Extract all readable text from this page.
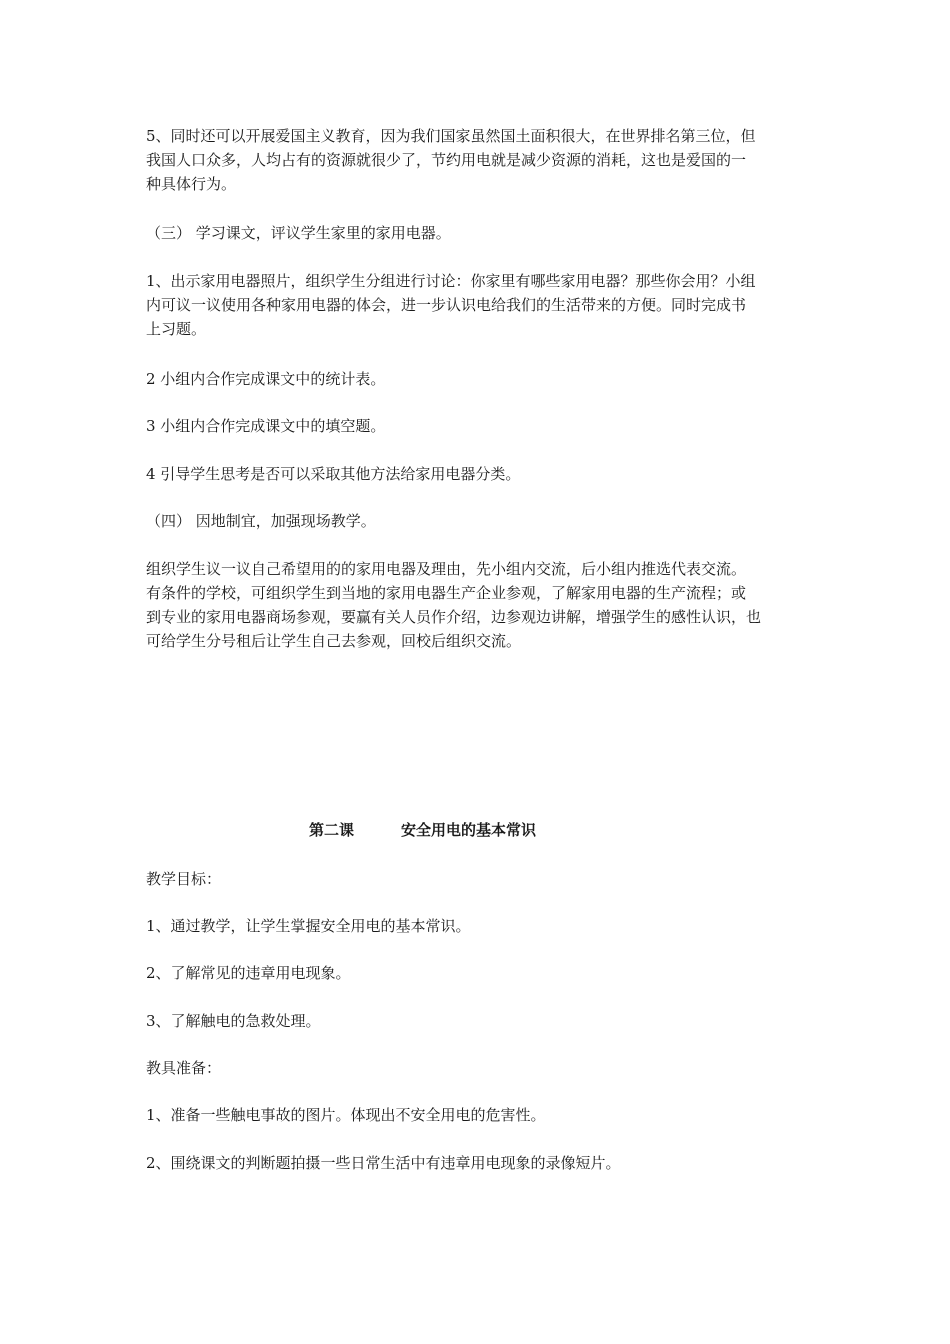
5、同时还可以开展爱国主义教育，因为我们国家虽然国土面积很大，在世界排名第三位，但
我国人口众多，人均占有的资源就很少了，节约用电就是减少资源的消耗，这也是爱国的一
种具体行为。

（三） 学习课文，评议学生家里的家用电器。

1、出示家用电器照片，组织学生分组进行讨论：你家里有哪些家用电器？那些你会用？小组
内可议一议使用各种家用电器的体会，进一步认识电给我们的生活带来的方便。同时完成书
上习题。

2 小组内合作完成课文中的统计表。

3 小组内合作完成课文中的填空题。

4 引导学生思考是否可以采取其他方法给家用电器分类。

（四） 因地制宜，加强现场教学。

组织学生议一议自己希望用的的家用电器及理由，先小组内交流，后小组内推选代表交流。
有条件的学校，可组织学生到当地的家用电器生产企业参观，了解家用电器的生产流程；或
到专业的家用电器商场参观，要赢有关人员作介绍，边参观边讲解，增强学生的感性认识，也
可给学生分号租后让学生自己去参观，回校后组织交流。

第二课	安全用电的基本常识

教学目标：

1、通过教学，让学生掌握安全用电的基本常识。

2、了解常见的违章用电现象。

3、了解触电的急救处理。

教具准备：

1、准备一些触电事故的图片。体现出不安全用电的危害性。

2、围绕课文的判断题拍摄一些日常生活中有违章用电现象的录像短片。
